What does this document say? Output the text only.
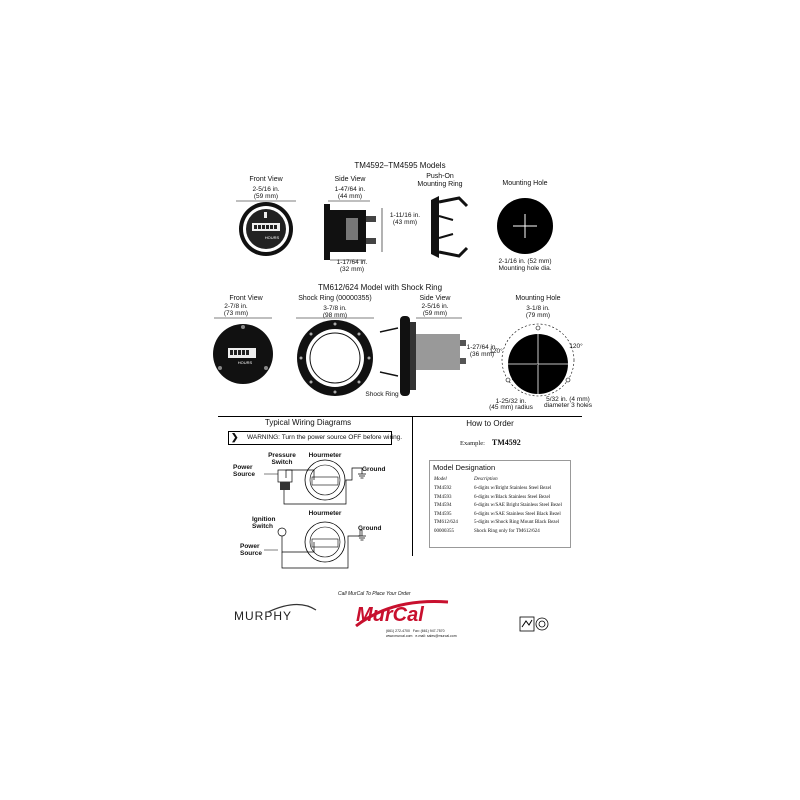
TM4592–TM4595 Models
Front View
2-5/16 in.
(59 mm)
HOURS
Side View
1-47/64 in.
(44 mm)
1-11/16 in.
(43 mm)
1-17/64 in.
(32 mm)
Push-On
Mounting Ring	Mounting Hole
2-1/16 in. (52 mm)
Mounting hole dia.
TM612/624 Model with Shock Ring
Front View
2-7/8 in.
(73 mm)
HOURS
Shock Ring (00000355)
3-7/8 in.
(98 mm)
Side View
2-5/16 in.
(59 mm)
1-27/64 in.
(36 mm)
Shock Ring
Mounting Hole
3-1/8 in.
(79 mm)
120°
120°
1-25/32 in.
(45 mm) radius
5/32 in. (4 mm)
diameter 3 holes
Typical Wiring Diagrams
❯ WARNING: Turn the power source OFF before wiring.
Pressure
Switch
Power
Source
Hourmeter
Ground
Ignition
Switch
Power
Source
Hourmeter
Ground
How to Order
Example: TM4592
Model Designation
Model	Description
TM4592
TM4593
TM4594
TM4595
TM612/624
00000355
6-digits w/Bright Stainless Steel Bezel
6-digits w/Black Stainless Steel Bezel
6-digits w/SAE Bright Stainless Steel Bezel
6-digits w/SAE Stainless Steel Black Bezel
5-digits w/Shock Ring Mount Black Bezel
Shock Ring only for TM612/624
MURPHY
Call MurCal To Place Your Order
MurCal
(661) 272-4700 Fax: (661) 947-7570
www.murcal.com e-mail: sales@murcal.com
